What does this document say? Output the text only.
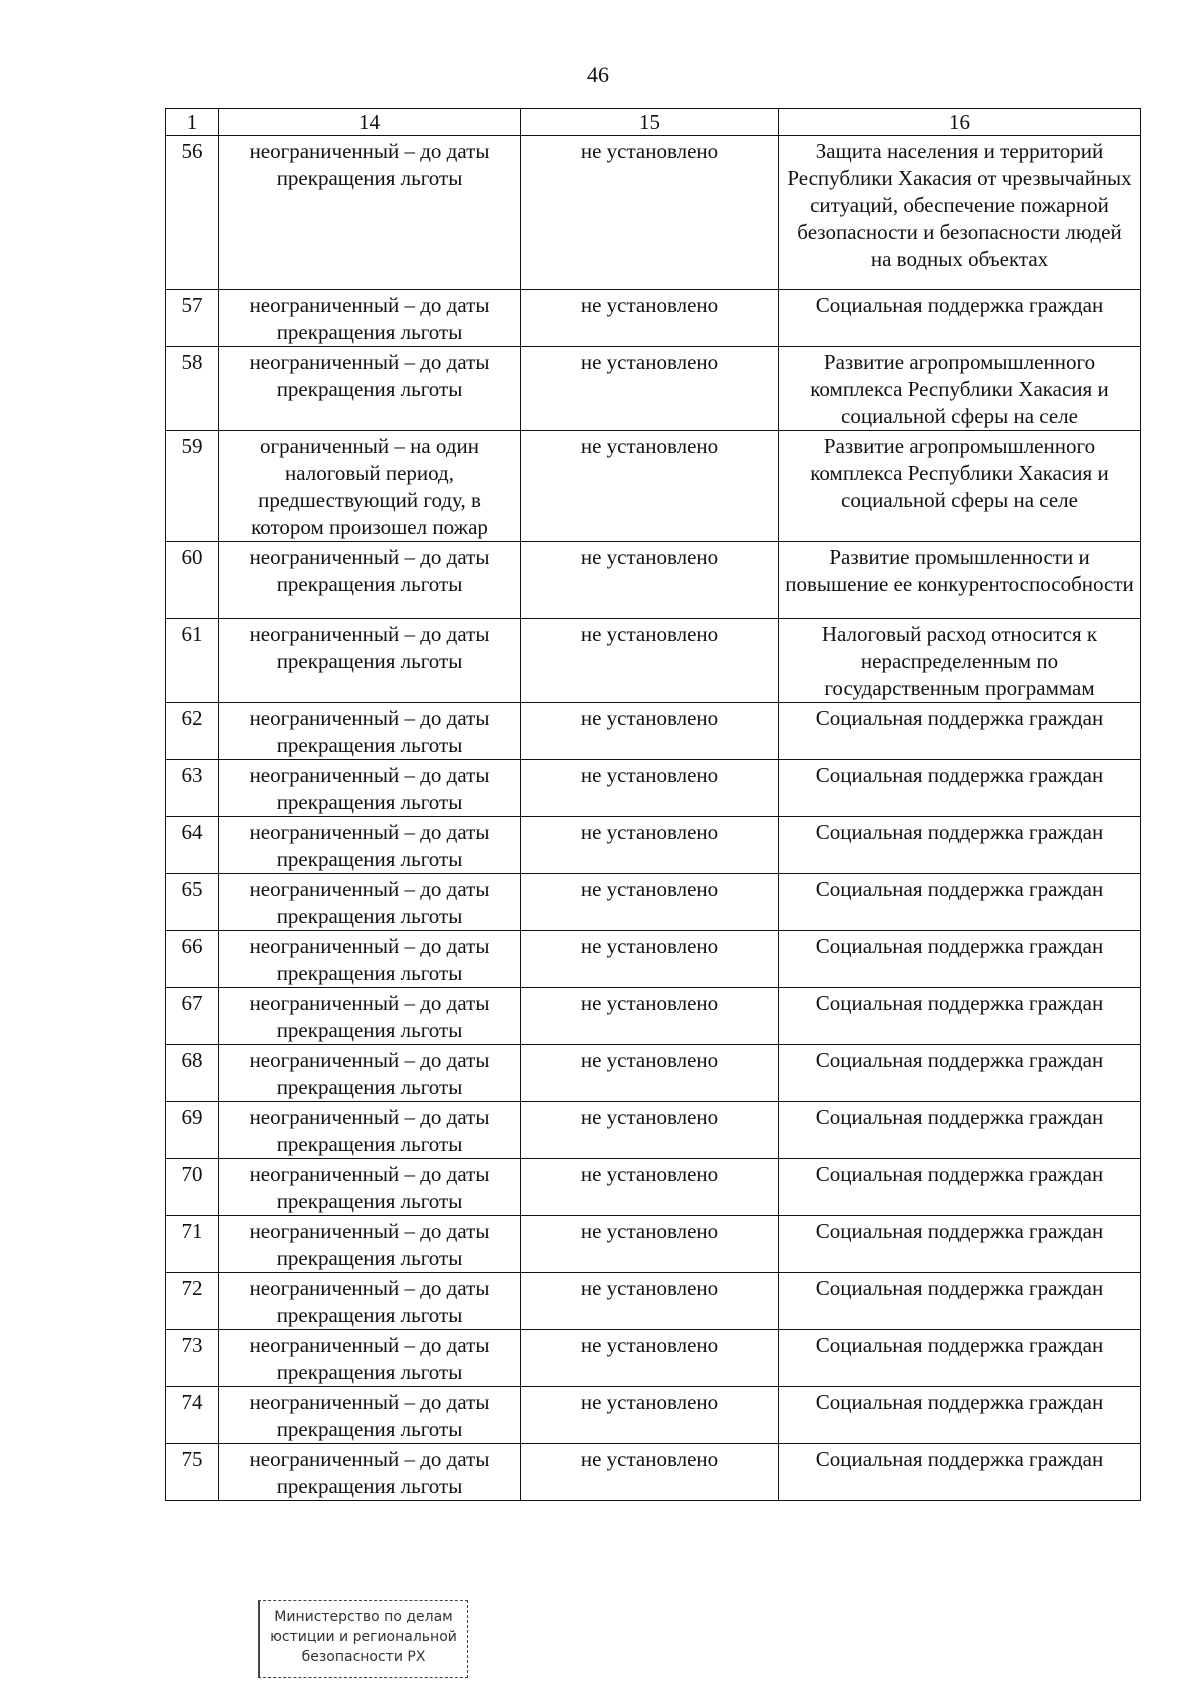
46
1	14	15	16
56	неограниченный – до даты прекращения льготы	не установлено	Защита населения и территорий Республики Хакасия от чрезвычайных ситуаций, обеспечение пожарной безопасности и безопасности людей на водных объектах
57	неограниченный – до даты прекращения льготы	не установлено	Социальная поддержка граждан
58	неограниченный – до даты прекращения льготы	не установлено	Развитие агропромышленного комплекса Республики Хакасия и социальной сферы на селе
59	ограниченный – на один налоговый период, предшествующий году, в котором произошел пожар	не установлено	Развитие агропромышленного комплекса Республики Хакасия и социальной сферы на селе
60	неограниченный – до даты прекращения льготы	не установлено	Развитие промышленности и повышение ее конкурентоспособности
61	неограниченный – до даты прекращения льготы	не установлено	Налоговый расход относится к нераспределенным по государственным программам
62	неограниченный – до даты прекращения льготы	не установлено	Социальная поддержка граждан
63	неограниченный – до даты прекращения льготы	не установлено	Социальная поддержка граждан
64	неограниченный – до даты прекращения льготы	не установлено	Социальная поддержка граждан
65	неограниченный – до даты прекращения льготы	не установлено	Социальная поддержка граждан
66	неограниченный – до даты прекращения льготы	не установлено	Социальная поддержка граждан
67	неограниченный – до даты прекращения льготы	не установлено	Социальная поддержка граждан
68	неограниченный – до даты прекращения льготы	не установлено	Социальная поддержка граждан
69	неограниченный – до даты прекращения льготы	не установлено	Социальная поддержка граждан
70	неограниченный – до даты прекращения льготы	не установлено	Социальная поддержка граждан
71	неограниченный – до даты прекращения льготы	не установлено	Социальная поддержка граждан
72	неограниченный – до даты прекращения льготы	не установлено	Социальная поддержка граждан
73	неограниченный – до даты прекращения льготы	не установлено	Социальная поддержка граждан
74	неограниченный – до даты прекращения льготы	не установлено	Социальная поддержка граждан
75	неограниченный – до даты прекращения льготы	не установлено	Социальная поддержка граждан
Министерство по делам
юстиции и региональной
безопасности РХ
